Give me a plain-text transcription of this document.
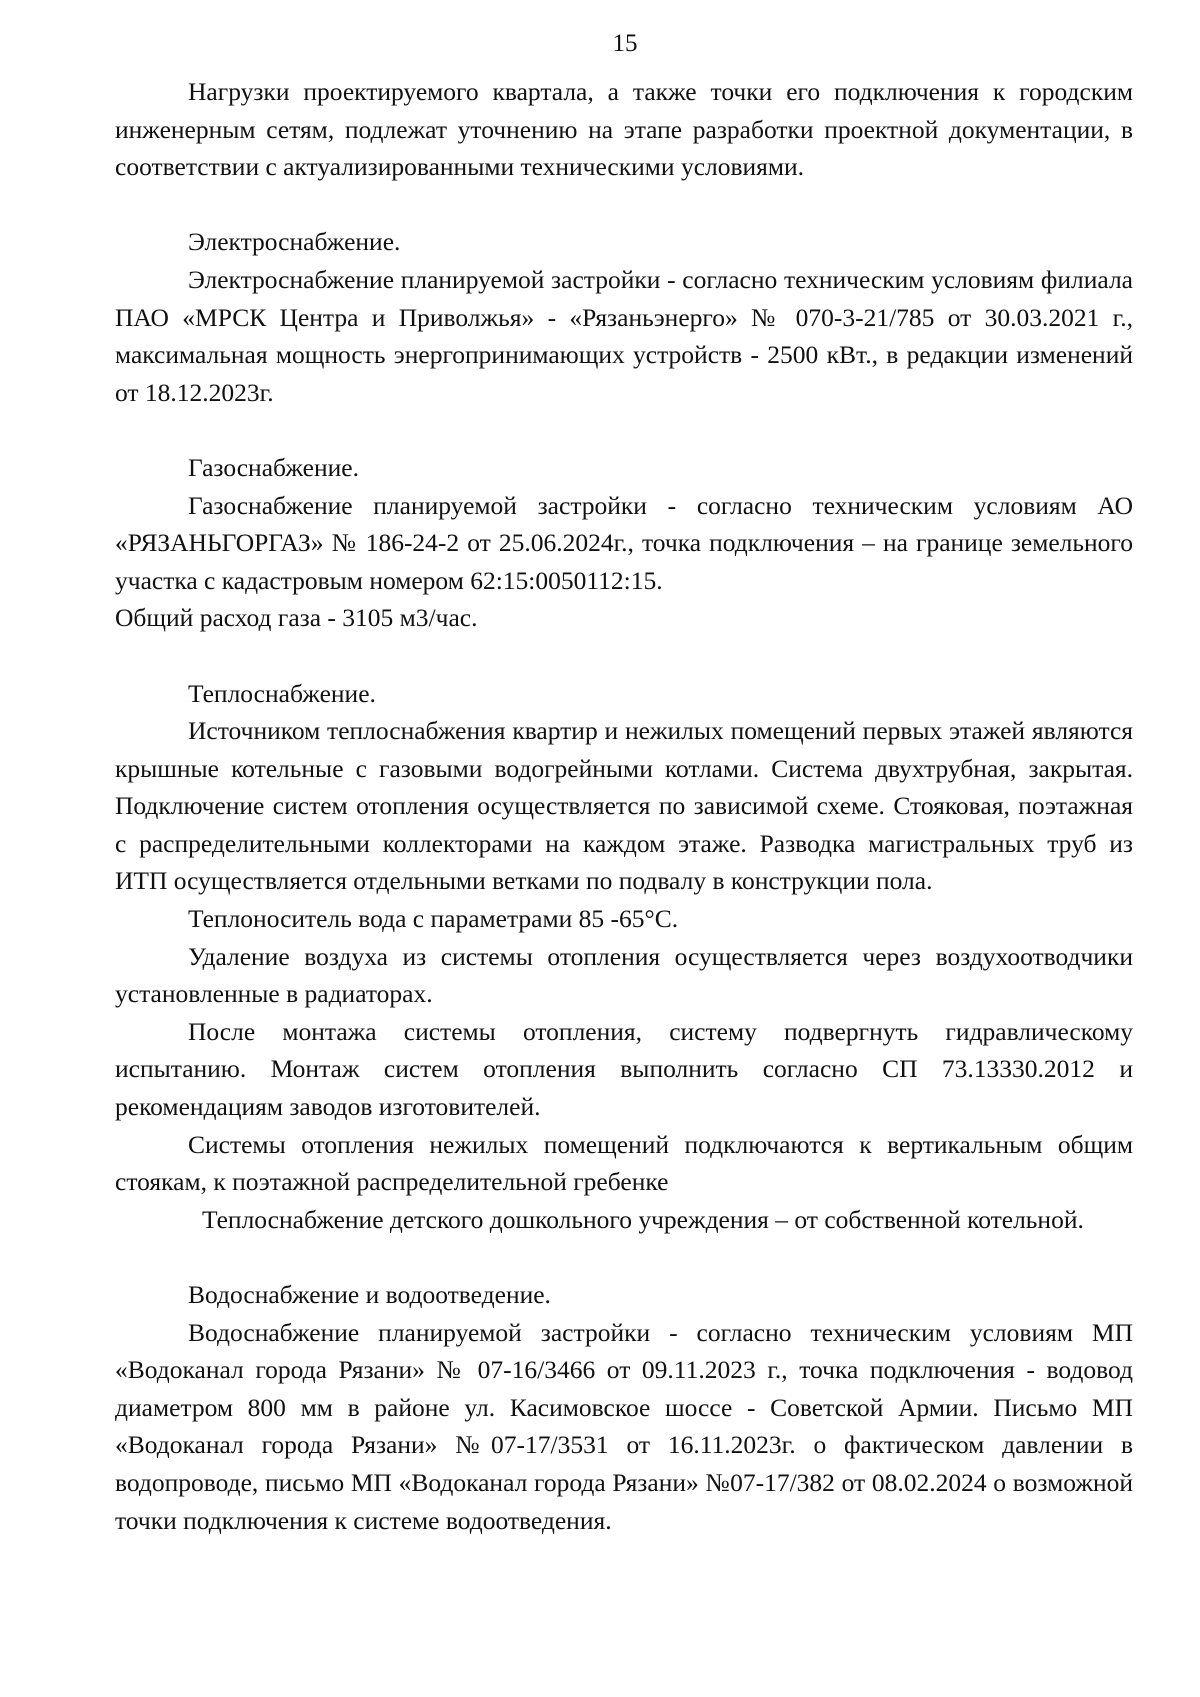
15

Нагрузки проектируемого квартала, а также точки его подключения к городским инженерным сетям, подлежат уточнению на этапе разработки проектной документации, в соответствии с актуализированными техническими условиями.

Электроснабжение.

Электроснабжение планируемой застройки - согласно техническим условиям филиала ПАО «МРСК Центра и Приволжья» - «Рязаньэнерго» № 070-3-21/785 от 30.03.2021 г., максимальная мощность энергопринимающих устройств - 2500 кВт., в редакции изменений от 18.12.2023г.

Газоснабжение.

Газоснабжение планируемой застройки - согласно техническим условиям АО «РЯЗАНЬГОРГАЗ» № 186-24-2 от 25.06.2024г., точка подключения – на границе земельного участка с кадастровым номером 62:15:0050112:15.

Общий расход газа - 3105 м3/час.

Теплоснабжение.

Источником теплоснабжения квартир и нежилых помещений первых этажей являются крышные котельные с газовыми водогрейными котлами. Система двухтрубная, закрытая. Подключение систем отопления осуществляется по зависимой схеме. Стояковая, поэтажная с распределительными коллекторами на каждом этаже. Разводка магистральных труб из ИТП осуществляется отдельными ветками по подвалу в конструкции пола.

Теплоноситель вода с параметрами 85 -65°С.

Удаление воздуха из системы отопления осуществляется через воздухоотводчики установленные в радиаторах.

После монтажа системы отопления, систему подвергнуть гидравлическому испытанию. Монтаж систем отопления выполнить согласно СП 73.13330.2012 и рекомендациям заводов изготовителей.

Системы отопления нежилых помещений подключаются к вертикальным общим стоякам, к поэтажной распределительной гребенке

Теплоснабжение детского дошкольного учреждения – от собственной котельной.

Водоснабжение и водоотведение.

Водоснабжение планируемой застройки - согласно техническим условиям МП «Водоканал города Рязани» № 07-16/3466 от 09.11.2023 г., точка подключения - водовод диаметром 800 мм в районе ул. Касимовское шоссе - Советской Армии. Письмо МП «Водоканал города Рязани» №07-17/3531 от 16.11.2023г. о фактическом давлении в водопроводе, письмо МП «Водоканал города Рязани» №07-17/382 от 08.02.2024 о возможной точки подключения к системе водоотведения.
